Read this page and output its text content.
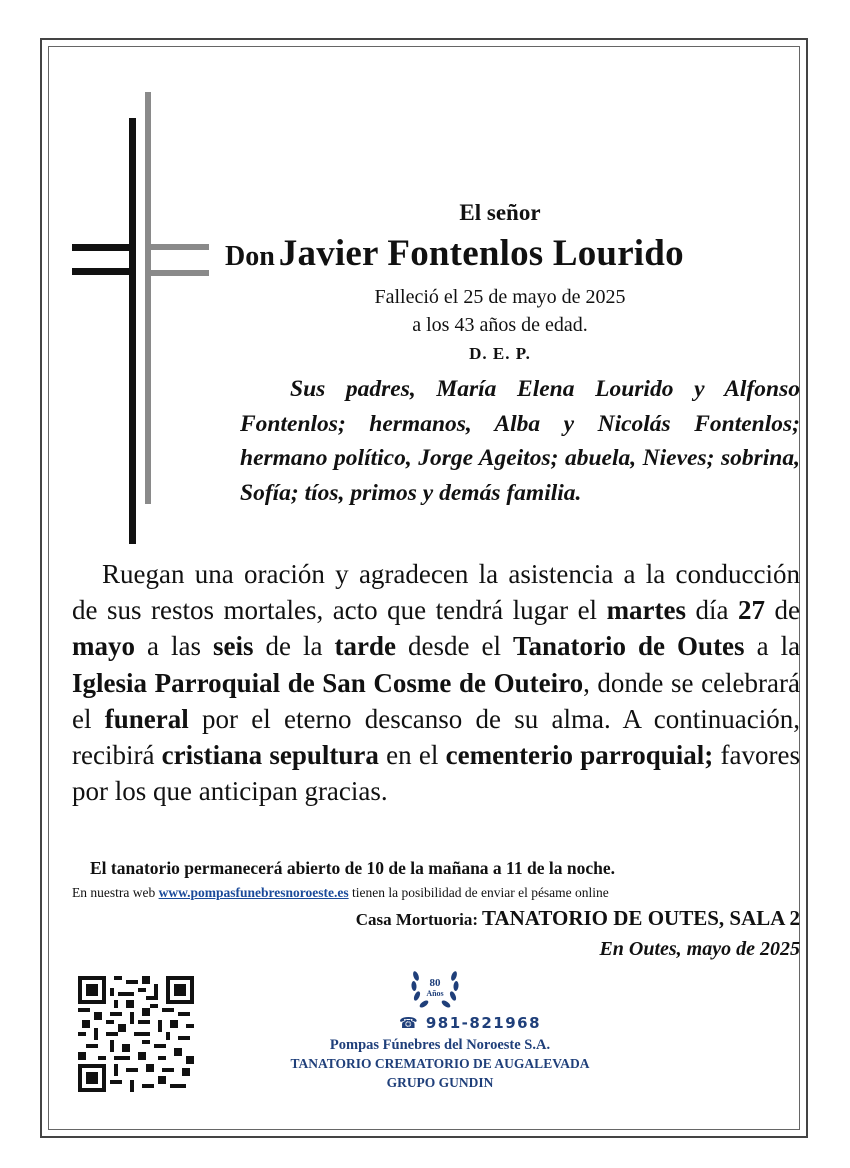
El señor
Don Javier Fontenlos Lourido
Falleció el 25 de mayo de 2025
a los 43 años de edad.
D. E. P.
Sus padres, María Elena Lourido y Alfonso Fontenlos; hermanos, Alba y Nicolás Fontenlos; hermano político, Jorge Ageitos; abuela, Nieves; sobrina, Sofía; tíos, primos y demás familia.
Ruegan una oración y agradecen la asistencia a la conducción de sus restos mortales, acto que tendrá lugar el martes día 27 de mayo a las seis de la tarde desde el Tanatorio de Outes a la Iglesia Parroquial de San Cosme de Outeiro, donde se celebrará el funeral por el eterno descanso de su alma. A continuación, recibirá cristiana sepultura en el cementerio parroquial; favores por los que anticipan gracias.
El tanatorio permanecerá abierto de 10 de la mañana a 11 de la noche.
En nuestra web www.pompasfunebresnoroeste.es tienen la posibilidad de enviar el pésame online
Casa Mortuoria: TANATORIO DE OUTES, SALA 2
En Outes, mayo de 2025
80
Años
☎ 981-821968
Pompas Fúnebres del Noroeste S.A.
TANATORIO CREMATORIO DE AUGALEVADA
GRUPO GUNDIN
